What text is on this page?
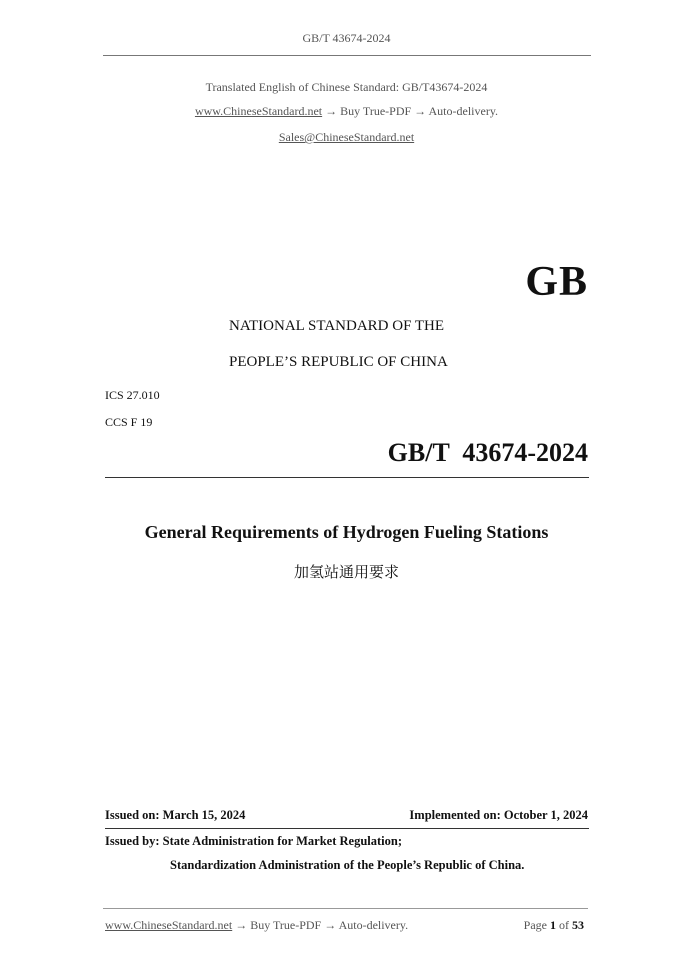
GB/T 43674-2024
Translated English of Chinese Standard: GB/T43674-2024
www.ChineseStandard.net → Buy True-PDF → Auto-delivery.
Sales@ChineseStandard.net
GB
NATIONAL STANDARD OF THE
PEOPLE’S REPUBLIC OF CHINA
ICS 27.010
CCS F 19
GB/T  43674-2024
General Requirements of Hydrogen Fueling Stations
加氢站通用要求
Issued on: March 15, 2024	Implemented on: October 1, 2024
Issued by: State Administration for Market Regulation;
Standardization Administration of the People’s Republic of China.
www.ChineseStandard.net → Buy True-PDF → Auto-delivery.	Page 1 of 53
